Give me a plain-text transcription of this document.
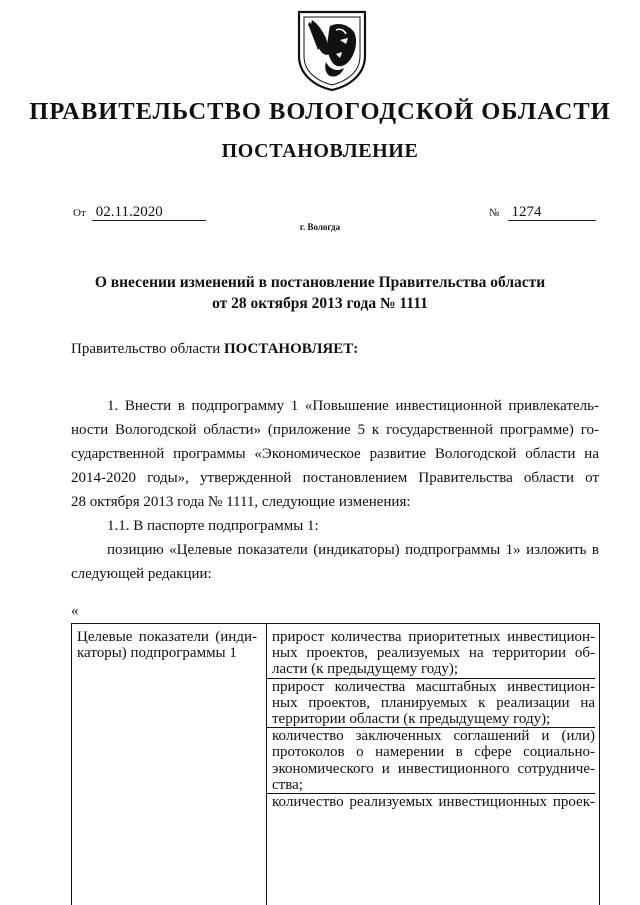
ПРАВИТЕЛЬСТВО ВОЛОГОДСКОЙ ОБЛАСТИ
ПОСТАНОВЛЕНИЕ
От 02.11.2020	№ 1274
г. Вологда
О внесении изменений в постановление Правительства области
от 28 октября 2013 года № 1111
Правительство области ПОСТАНОВЛЯЕТ:
1. Внести в подпрограмму 1 «Повышение инвестиционной привлекатель-
ности Вологодской области» (приложение 5 к государственной программе) го-
сударственной программы «Экономическое развитие Вологодской области на
2014-2020 годы», утвержденной постановлением Правительства области от
28 октября 2013 года № 1111, следующие изменения:
1.1. В паспорте подпрограммы 1:
позицию «Целевые показатели (индикаторы) подпрограммы 1» изложить в
следующей редакции:
«
Целевые показатели (инди-
каторы) подпрограммы 1
прирост количества приоритетных инвестицион-
ных проектов, реализуемых на территории об-
ласти (к предыдущему году);
прирост количества масштабных инвестицион-
ных проектов, планируемых к реализации на
территории области (к предыдущему году);
количество заключенных соглашений и (или)
протоколов о намерении в сфере социально-
экономического и инвестиционного сотрудниче-
ства;
количество реализуемых инвестиционных проек-
